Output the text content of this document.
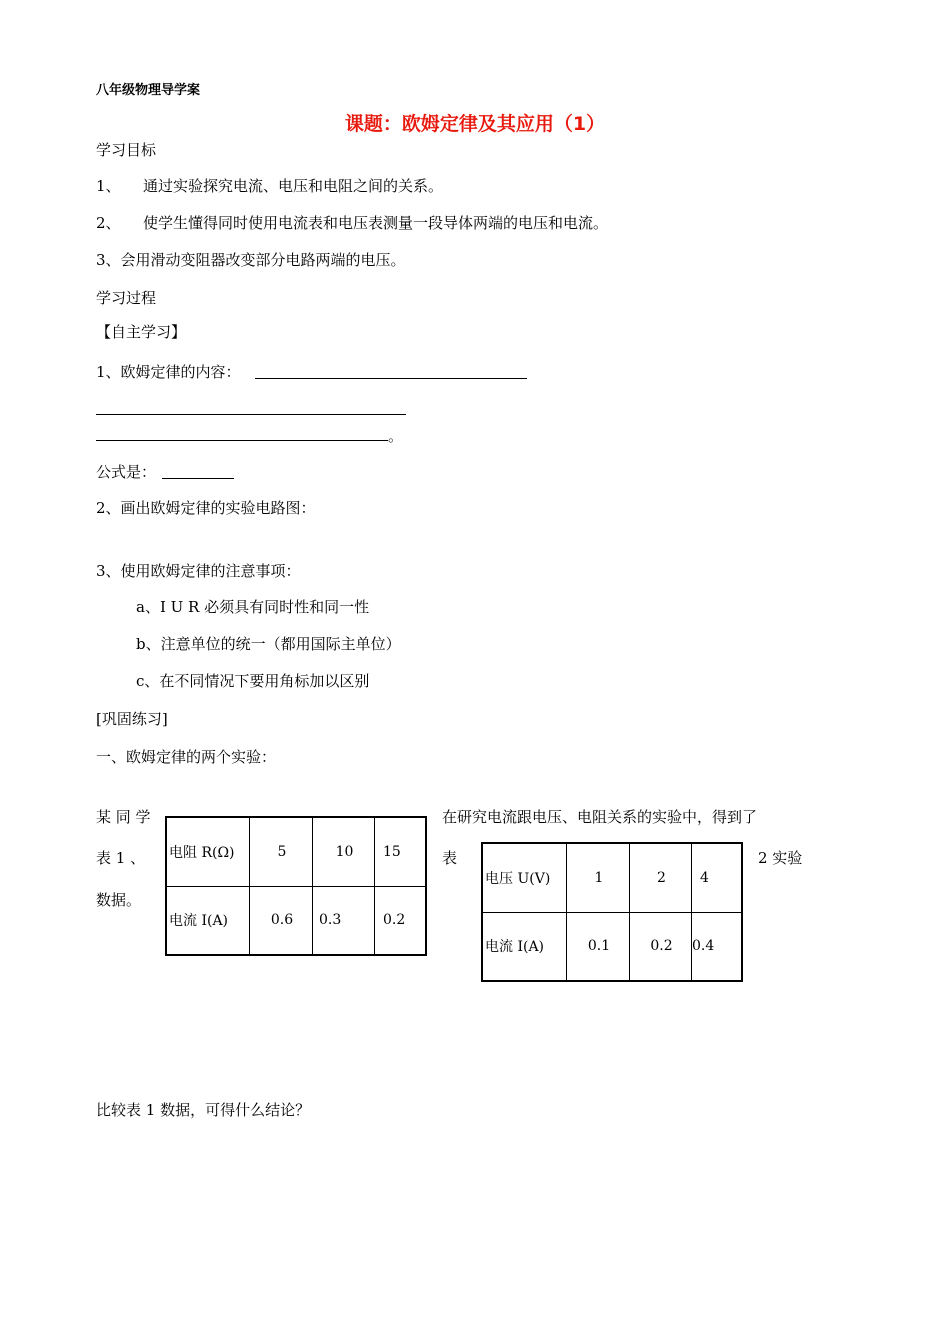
八年级物理导学案
课题：欧姆定律及其应用（1）
学习目标
1、 通过实验探究电流、电压和电阻之间的关系。
2、 使学生懂得同时使用电流表和电压表测量一段导体两端的电压和电流。
3、会用滑动变阻器改变部分电路两端的电压。
学习过程
【自主学习】
1、欧姆定律的内容：
。
公式是：
2、画出欧姆定律的实验电路图：
3、使用欧姆定律的注意事项：
a、I U R 必须具有同时性和同一性
b、注意单位的统一（都用国际主单位）
c、在不同情况下要用角标加以区别
[巩固练习]
一、欧姆定律的两个实验：
某 同 学
表 1 、
数据。
在研究电流跟电压、电阻关系的实验中，得到了
表	2 实验
电阻 R(Ω)	5	10	15
电流 I(A)	0.6	0.3	0.2
电压 U(V)	1	2	4
电流 I(A)	0.1	0.2	0.4
比较表 1 数据，可得什么结论？
